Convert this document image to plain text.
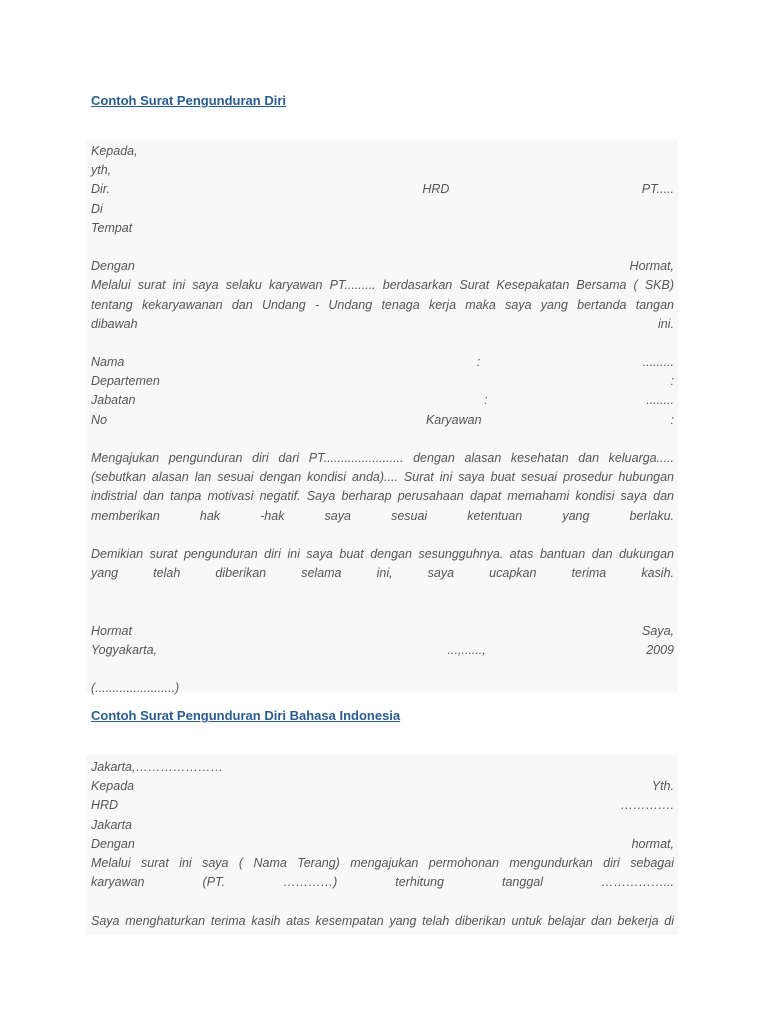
Contoh Surat Pengunduran Diri

Kepada,
yth,
Dir.	HRD	PT.....
Di
Tempat
Dengan	Hormat,
Melalui surat ini saya selaku karyawan PT......... berdasarkan Surat Kesepakatan Bersama ( SKB)
tentang kekaryawanan dan Undang - Undang tenaga kerja maka saya yang bertanda tangan
dibawah	ini.
Nama	:	.........
Departemen	:
Jabatan	:	........
No	Karyawan	:
Mengajukan pengunduran diri dari PT....................... dengan alasan kesehatan dan keluarga.....
(sebutkan alasan lan sesuai dengan kondisi anda).... Surat ini saya buat sesuai prosedur hubungan
indistrial dan tanpa motivasi negatif. Saya berharap perusahaan dapat memahami kondisi saya dan
memberikan hak -hak saya sesuai ketentuan yang berlaku.
Demikian surat pengunduran diri ini saya buat dengan sesungguhnya. atas bantuan dan dukungan
yang telah diberikan selama ini, saya ucapkan terima kasih.
Hormat	Saya,
Yogyakarta,	...,......,	2009
(.......................)

Contoh Surat Pengunduran Diri Bahasa Indonesia

Jakarta,…………………
Kepada	Yth.
HRD	………….
Jakarta
Dengan	hormat,
Melalui surat ini saya ( Nama Terang) mengajukan permohonan mengundurkan diri sebagai
karyawan (PT. …………) terhitung tanggal ……………...
Saya menghaturkan terima kasih atas kesempatan yang telah diberikan untuk belajar dan bekerja di
